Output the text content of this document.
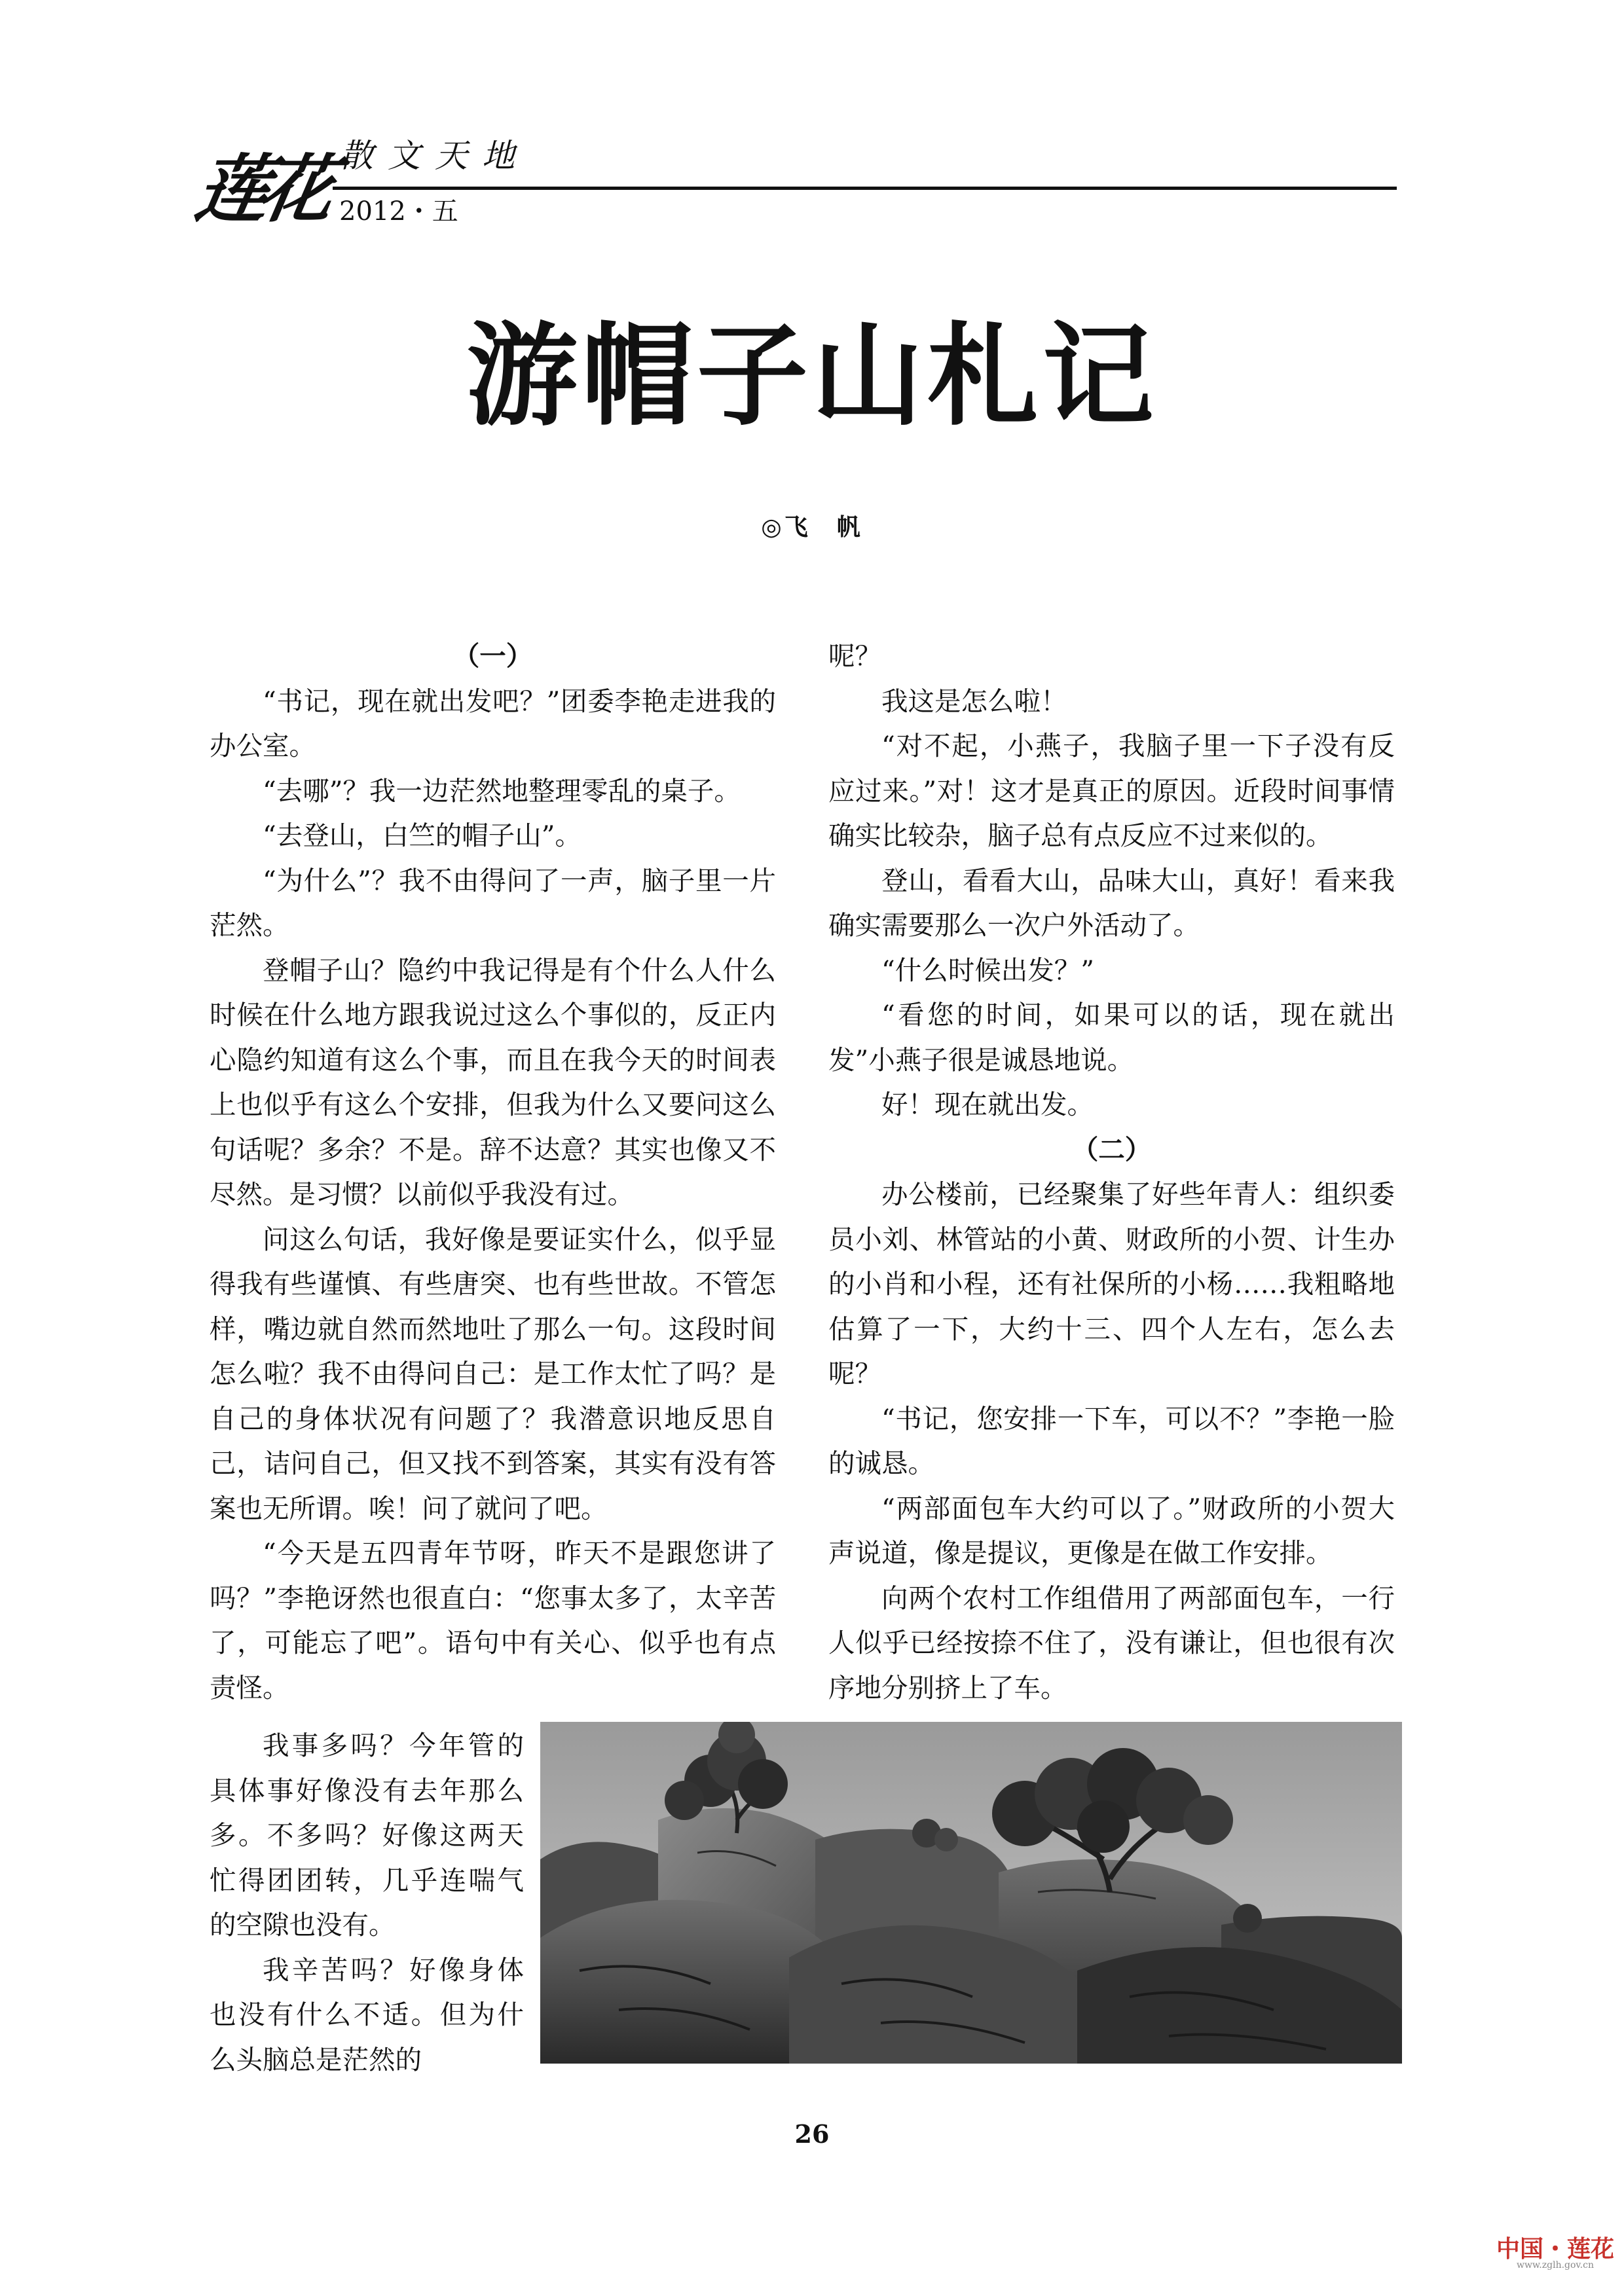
莲花 散文天地
2012・五
游帽子山札记
◎飞　帆

（一）

“书记，现在就出发吧？”团委李艳走进我的办公室。

“去哪”？我一边茫然地整理零乱的桌子。

“去登山，白竺的帽子山”。

“为什么”？我不由得问了一声，脑子里一片茫然。

登帽子山？隐约中我记得是有个什么人什么时候在什么地方跟我说过这么个事似的，反正内心隐约知道有这么个事，而且在我今天的时间表上也似乎有这么个安排，但我为什么又要问这么句话呢？多余？不是。辞不达意？其实也像又不尽然。是习惯？以前似乎我没有过。

问这么句话，我好像是要证实什么，似乎显得我有些谨慎、有些唐突、也有些世故。不管怎样，嘴边就自然而然地吐了那么一句。这段时间怎么啦？我不由得问自己：是工作太忙了吗？是自己的身体状况有问题了？我潜意识地反思自己，诘问自己，但又找不到答案，其实有没有答案也无所谓。唉！问了就问了吧。

“今天是五四青年节呀，昨天不是跟您讲了吗？”李艳讶然也很直白：“您事太多了，太辛苦了，可能忘了吧”。语句中有关心、似乎也有点责怪。

我事多吗？今年管的具体事好像没有去年那么多。不多吗？好像这两天忙得团团转，几乎连喘气的空隙也没有。

我辛苦吗？好像身体也没有什么不适。但为什么头脑总是茫然的

呢？

我这是怎么啦！

“对不起，小燕子，我脑子里一下子没有反应过来。”对！这才是真正的原因。近段时间事情确实比较杂，脑子总有点反应不过来似的。

登山，看看大山，品味大山，真好！看来我确实需要那么一次户外活动了。

“什么时候出发？”

“看您的时间，如果可以的话，现在就出发”小燕子很是诚恳地说。

好！现在就出发。

（二）

办公楼前，已经聚集了好些年青人：组织委员小刘、林管站的小黄、财政所的小贺、计生办的小肖和小程，还有社保所的小杨……我粗略地估算了一下，大约十三、四个人左右，怎么去呢？

“书记，您安排一下车，可以不？”李艳一脸的诚恳。

“两部面包车大约可以了。”财政所的小贺大声说道，像是提议，更像是在做工作安排。

向两个农村工作组借用了两部面包车，一行人似乎已经按捺不住了，没有谦让，但也很有次序地分别挤上了车。

26
中国・莲花
www.zglh.gov.cn
